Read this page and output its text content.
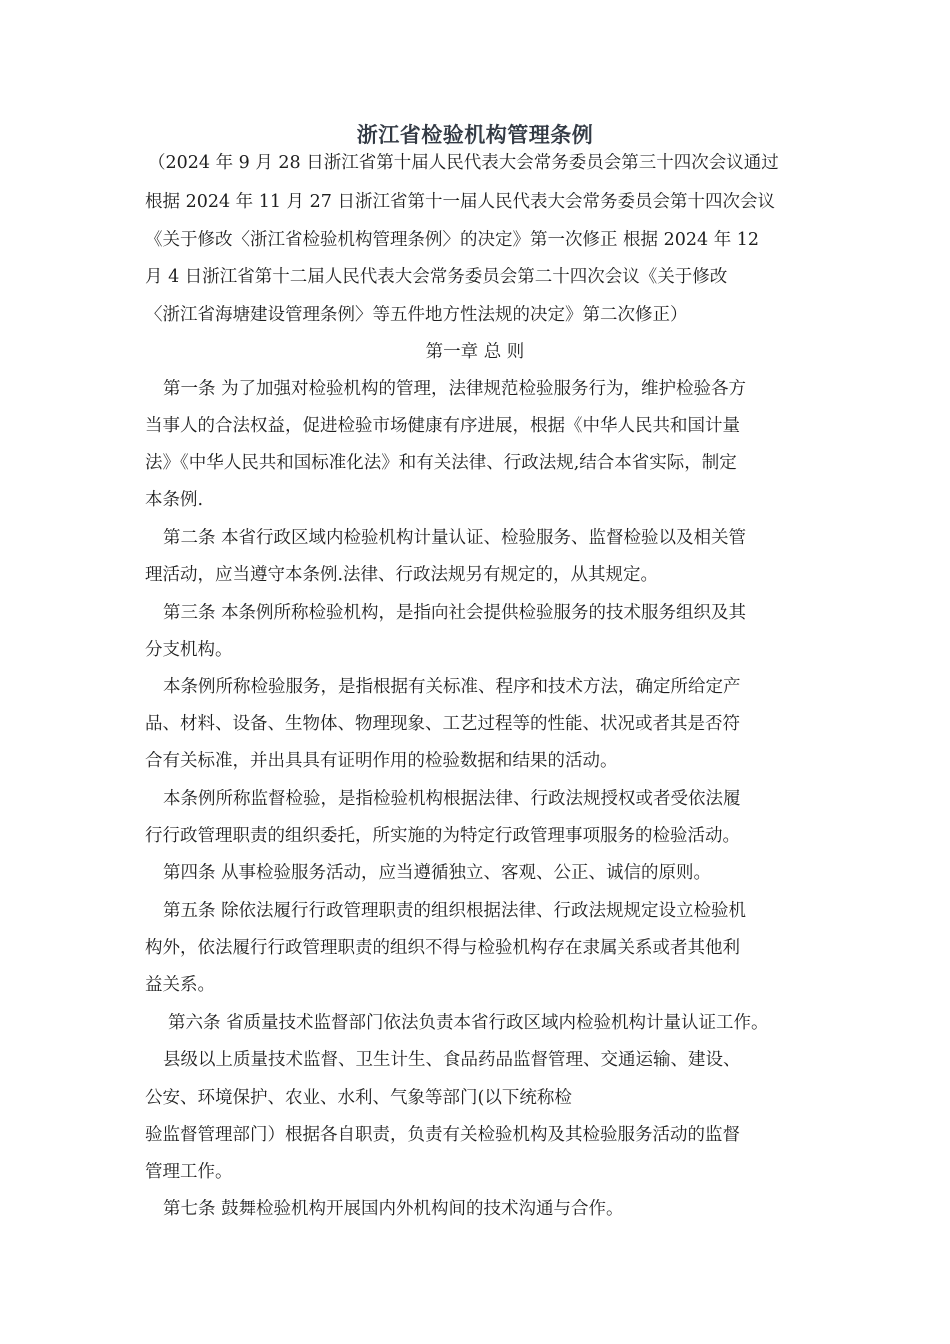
浙江省检验机构管理条例
（2024 年 9 月 28 日浙江省第十届人民代表大会常务委员会第三十四次会议通过
根据 2024 年 11 月 27 日浙江省第十一届人民代表大会常务委员会第十四次会议
《关于修改〈浙江省检验机构管理条例〉的决定》第一次修正 根据 2024 年 12
月 4 日浙江省第十二届人民代表大会常务委员会第二十四次会议《关于修改
〈浙江省海塘建设管理条例〉等五件地方性法规的决定》第二次修正）
第一章 总 则
第一条 为了加强对检验机构的管理，法律规范检验服务行为，维护检验各方
当事人的合法权益，促进检验市场健康有序进展，根据《中华人民共和国计量
法》《中华人民共和国标准化法》和有关法律、行政法规,结合本省实际，制定
本条例.
第二条 本省行政区域内检验机构计量认证、检验服务、监督检验以及相关管
理活动，应当遵守本条例.法律、行政法规另有规定的，从其规定。
第三条 本条例所称检验机构，是指向社会提供检验服务的技术服务组织及其
分支机构。
本条例所称检验服务，是指根据有关标准、程序和技术方法，确定所给定产
品、材料、设备、生物体、物理现象、工艺过程等的性能、状况或者其是否符
合有关标准，并出具具有证明作用的检验数据和结果的活动。
本条例所称监督检验，是指检验机构根据法律、行政法规授权或者受依法履
行行政管理职责的组织委托，所实施的为特定行政管理事项服务的检验活动。
第四条 从事检验服务活动，应当遵循独立、客观、公正、诚信的原则。
第五条 除依法履行行政管理职责的组织根据法律、行政法规规定设立检验机
构外，依法履行行政管理职责的组织不得与检验机构存在隶属关系或者其他利
益关系。
第六条 省质量技术监督部门依法负责本省行政区域内检验机构计量认证工作。
县级以上质量技术监督、卫生计生、食品药品监督管理、交通运输、建设、
公安、环境保护、农业、水利、气象等部门(以下统称检
验监督管理部门）根据各自职责，负责有关检验机构及其检验服务活动的监督
管理工作。
第七条 鼓舞检验机构开展国内外机构间的技术沟通与合作。
